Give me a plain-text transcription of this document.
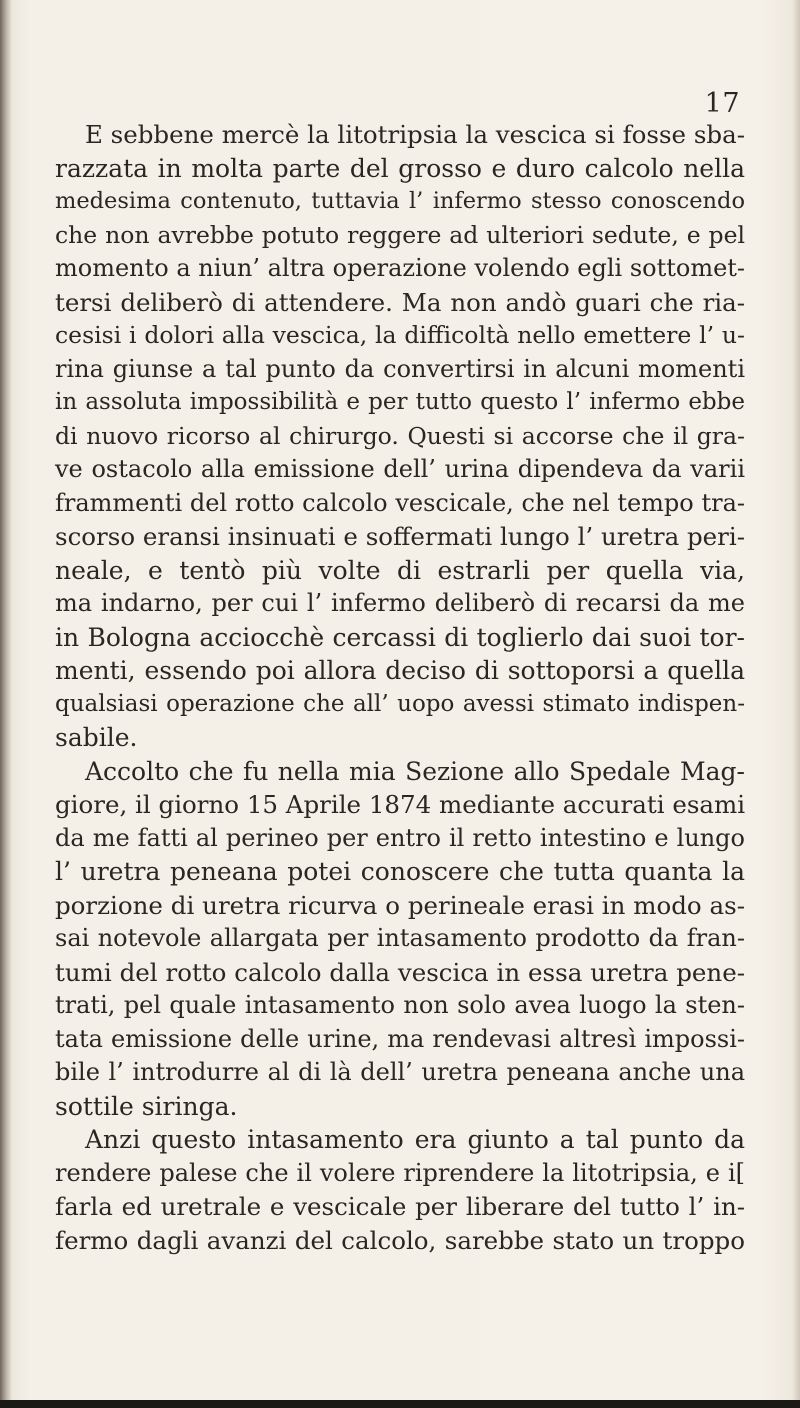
17
E sebbene mercè la litotripsia la vescica si fosse sba-
razzata in molta parte del grosso e duro calcolo nella
medesima contenuto, tuttavia l’ infermo stesso conoscendo
che non avrebbe potuto reggere ad ulteriori sedute, e pel
momento a niun’ altra operazione volendo egli sottomet-
tersi deliberò di attendere. Ma non andò guari che ria-
cesisi i dolori alla vescica, la difficoltà nello emettere l’ u-
rina giunse a tal punto da convertirsi in alcuni momenti
in assoluta impossibilità e per tutto questo l’ infermo ebbe
di nuovo ricorso al chirurgo. Questi si accorse che il gra-
ve ostacolo alla emissione dell’ urina dipendeva da varii
frammenti del rotto calcolo vescicale, che nel tempo tra-
scorso eransi insinuati e soffermati lungo l’ uretra peri-
neale, e tentò più volte di estrarli per quella via,
ma indarno, per cui l’ infermo deliberò di recarsi da me
in Bologna acciocchè cercassi di toglierlo dai suoi tor-
menti, essendo poi allora deciso di sottoporsi a quella
qualsiasi operazione che all’ uopo avessi stimato indispen-
sabile.
Accolto che fu nella mia Sezione allo Spedale Mag-
giore, il giorno 15 Aprile 1874 mediante accurati esami
da me fatti al perineo per entro il retto intestino e lungo
l’ uretra peneana potei conoscere che tutta quanta la
porzione di uretra ricurva o perineale erasi in modo as-
sai notevole allargata per intasamento prodotto da fran-
tumi del rotto calcolo dalla vescica in essa uretra pene-
trati, pel quale intasamento non solo avea luogo la sten-
tata emissione delle urine, ma rendevasi altresì impossi-
bile l’ introdurre al di là dell’ uretra peneana anche una
sottile siringa.
Anzi questo intasamento era giunto a tal punto da
rendere palese che il volere riprendere la litotripsia, e i[
farla ed uretrale e vescicale per liberare del tutto l’ in-
fermo dagli avanzi del calcolo, sarebbe stato un troppo
